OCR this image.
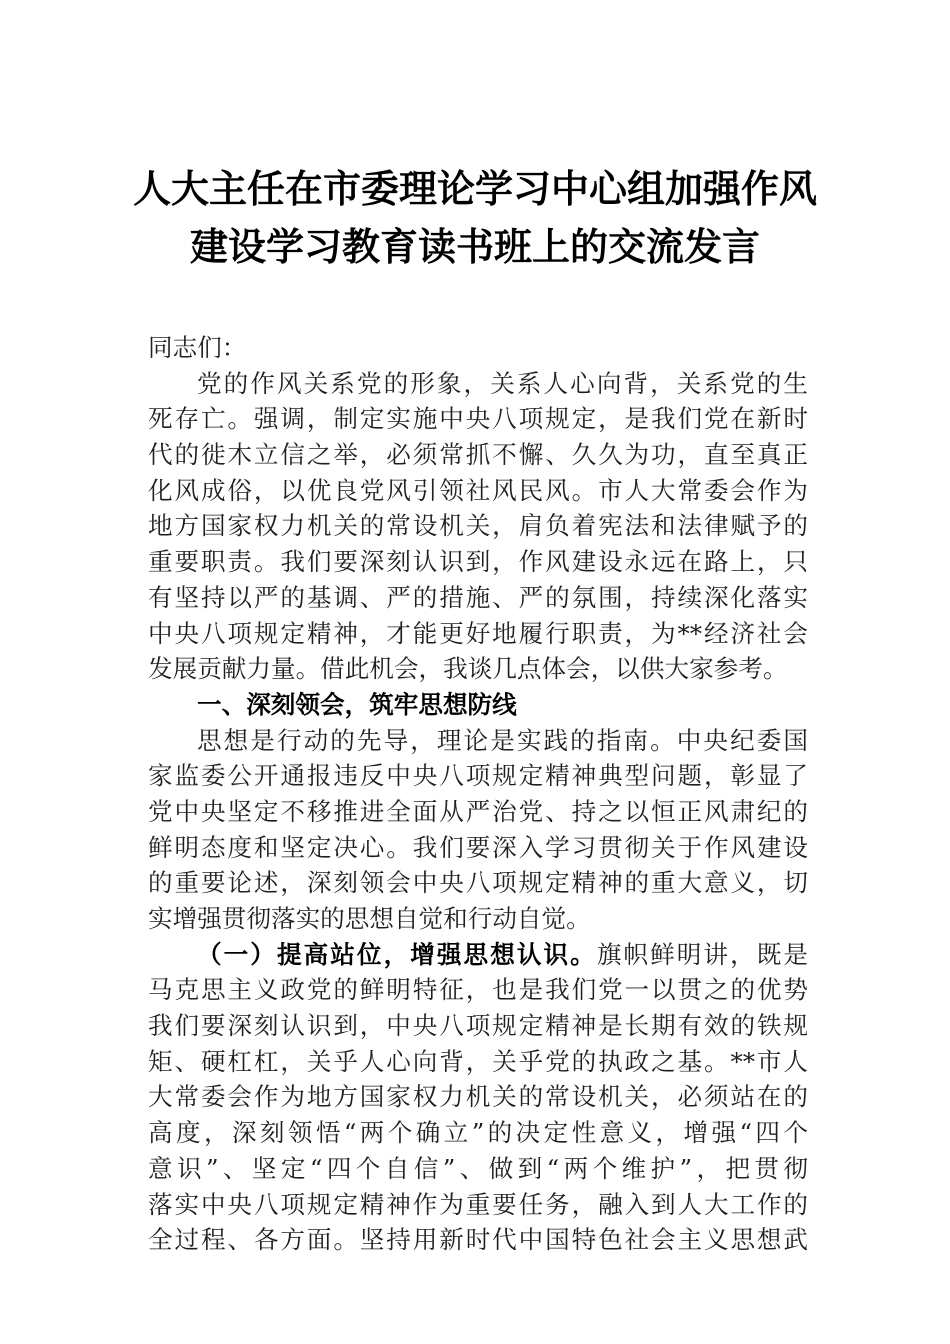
人大主任在市委理论学习中心组加强作风
建设学习教育读书班上的交流发言
同志们：
党的作风关系党的形象，关系人心向背，关系党的生
死存亡。强调，制定实施中央八项规定，是我们党在新时
代的徙木立信之举，必须常抓不懈、久久为功，直至真正
化风成俗，以优良党风引领社风民风。市人大常委会作为
地方国家权力机关的常设机关，肩负着宪法和法律赋予的
重要职责。我们要深刻认识到，作风建设永远在路上，只
有坚持以严的基调、严的措施、严的氛围，持续深化落实
中央八项规定精神，才能更好地履行职责，为**经济社会
发展贡献力量。借此机会，我谈几点体会，以供大家参考。
一、深刻领会，筑牢思想防线
思想是行动的先导，理论是实践的指南。中央纪委国
家监委公开通报违反中央八项规定精神典型问题，彰显了
党中央坚定不移推进全面从严治党、持之以恒正风肃纪的
鲜明态度和坚定决心。我们要深入学习贯彻关于作风建设
的重要论述，深刻领会中央八项规定精神的重大意义，切
实增强贯彻落实的思想自觉和行动自觉。
（一）提高站位，增强思想认识。旗帜鲜明讲，既是
马克思主义政党的鲜明特征，也是我们党一以贯之的优势
我们要深刻认识到，中央八项规定精神是长期有效的铁规
矩、硬杠杠，关乎人心向背，关乎党的执政之基。**市人
大常委会作为地方国家权力机关的常设机关，必须站在的
高度，深刻领悟“两个确立”的决定性意义，增强“四个
意识”、坚定“四个自信”、做到“两个维护”，把贯彻
落实中央八项规定精神作为重要任务，融入到人大工作的
全过程、各方面。坚持用新时代中国特色社会主义思想武
